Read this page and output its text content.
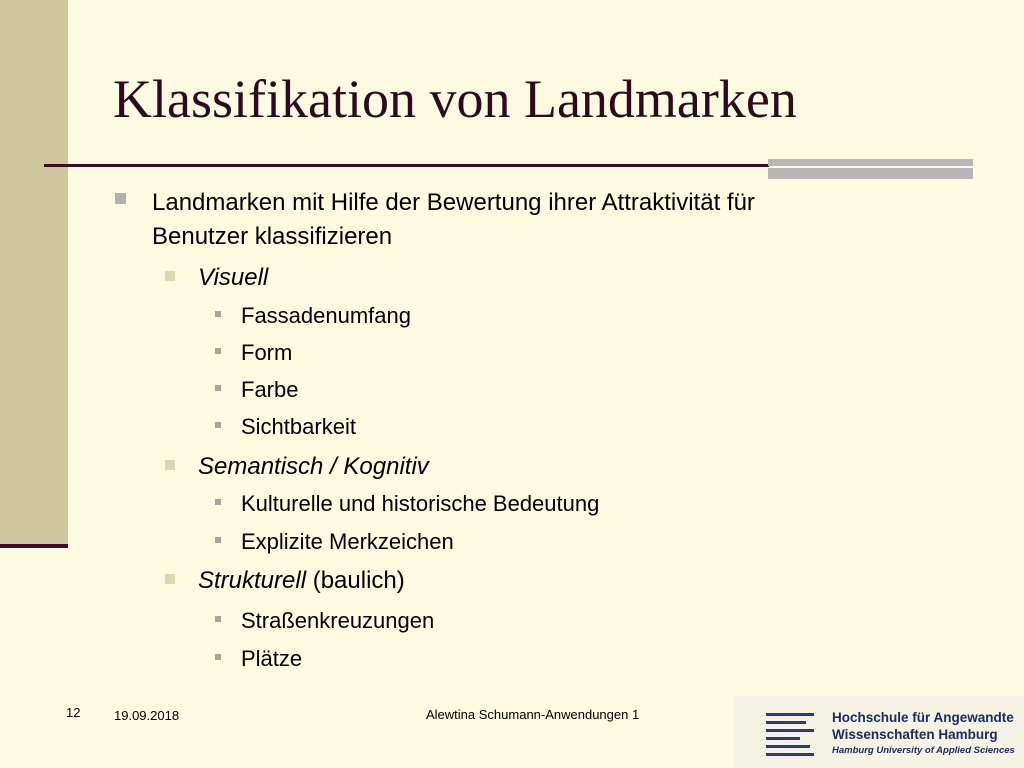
Klassifikation von Landmarken
Landmarken mit Hilfe der Bewertung ihrer Attraktivität für
Benutzer klassifizieren
Visuell
Fassadenumfang
Form
Farbe
Sichtbarkeit
Semantisch / Kognitiv
Kulturelle und historische Bedeutung
Explizite Merkzeichen
Strukturell (baulich)
Straßenkreuzungen
Plätze
12	19.09.2018	Alewtina Schumann-Anwendungen 1	Hochschule für Angewandte
Wissenschaften Hamburg
Hamburg University of Applied Sciences
